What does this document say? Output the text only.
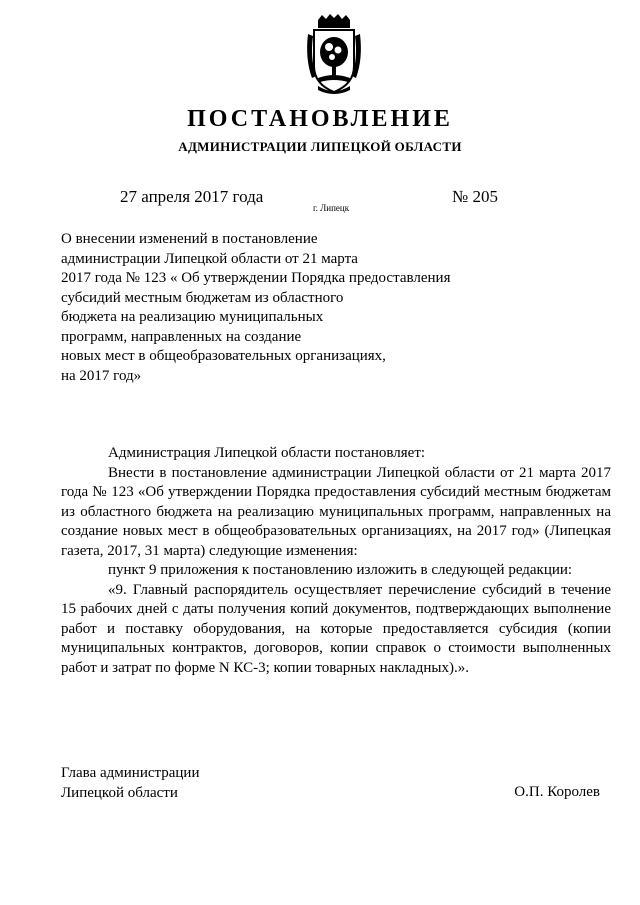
ПОСТАНОВЛЕНИЕ
АДМИНИСТРАЦИИ ЛИПЕЦКОЙ ОБЛАСТИ
27 апреля 2017 года
г. Липецк
№ 205
О внесении изменений в постановление
администрации Липецкой области от 21 марта
2017 года № 123 « Об утверждении Порядка предоставления
субсидий местным бюджетам из областного
бюджета на реализацию муниципальных
программ, направленных на создание
новых мест в общеобразовательных организациях,
на 2017 год»

Администрация Липецкой области постановляет:

Внести в постановление администрации Липецкой области от 21 марта 2017 года № 123 «Об утверждении Порядка предоставления субсидий местным бюджетам из областного бюджета на реализацию муниципальных программ, направленных на создание новых мест в общеобразовательных организациях, на 2017 год» (Липецкая газета, 2017, 31 марта) следующие изменения:

пункт 9 приложения к постановлению изложить в следующей редакции:

«9. Главный распорядитель осуществляет перечисление субсидий в течение 15 рабочих дней с даты получения копий документов, подтверждающих выполнение работ и поставку оборудования, на которые предоставляется субсидия (копии муниципальных контрактов, договоров, копии справок о стоимости выполненных работ и затрат по форме N КС-3; копии товарных накладных).».

Глава администрации
Липецкой области	О.П. Королев
